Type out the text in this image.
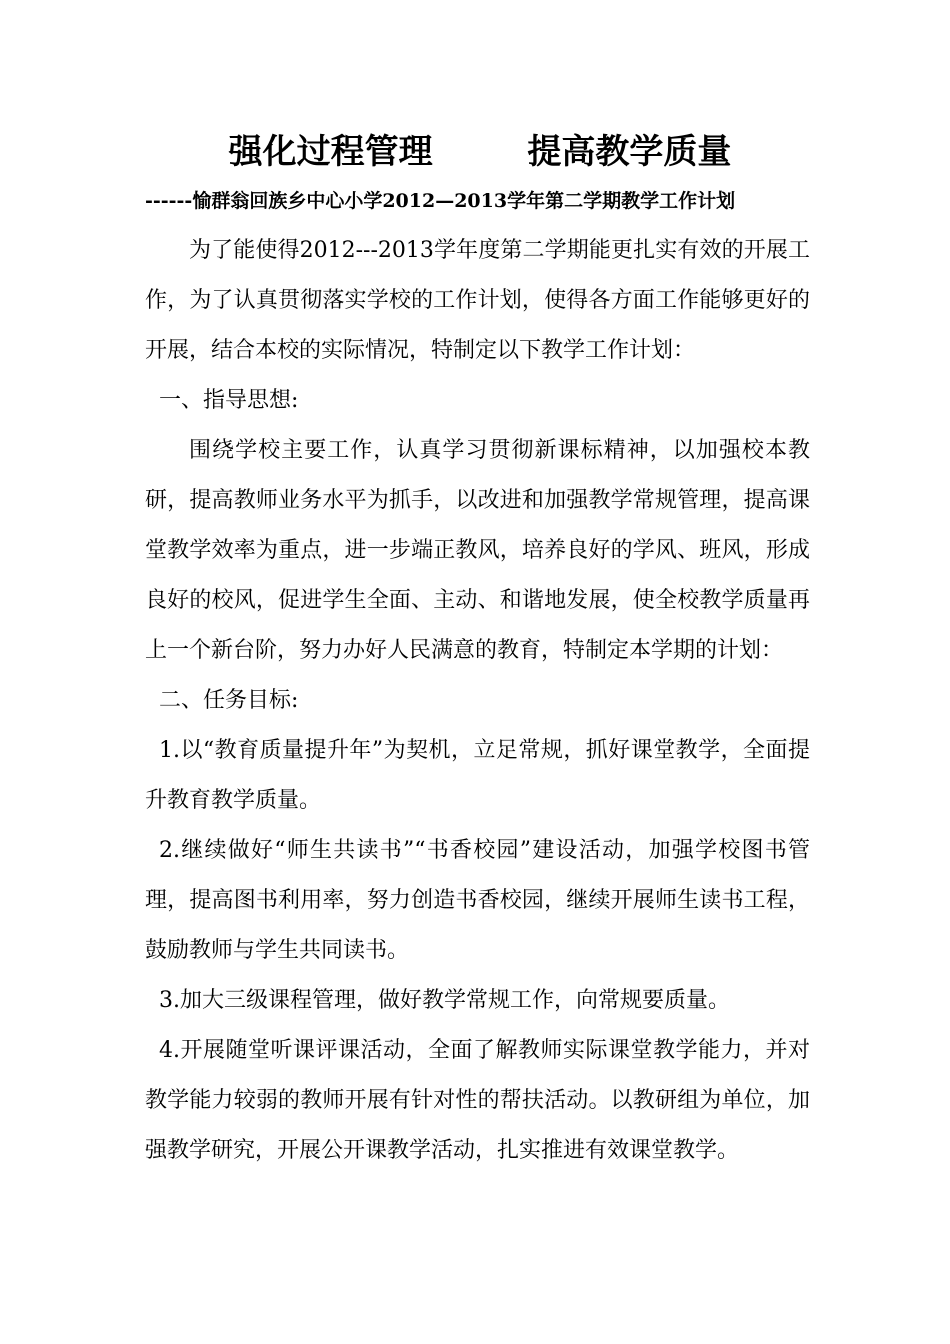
强化过程管理        提高教学质量
------愉群翁回族乡中心小学2012—2013学年第二学期教学工作计划

为了能使得2012---2013学年度第二学期能更扎实有效的开展工作，为了认真贯彻落实学校的工作计划，使得各方面工作能够更好的开展，结合本校的实际情况，特制定以下教学工作计划：

一、指导思想:

围绕学校主要工作，认真学习贯彻新课标精神，以加强校本教研，提高教师业务水平为抓手，以改进和加强教学常规管理，提高课堂教学效率为重点，进一步端正教风，培养良好的学风、班风，形成良好的校风，促进学生全面、主动、和谐地发展，使全校教学质量再上一个新台阶，努力办好人民满意的教育，特制定本学期的计划：

二、任务目标:

1.以“教育质量提升年”为契机，立足常规，抓好课堂教学，全面提升教育教学质量。

2.继续做好“师生共读书”“书香校园”建设活动，加强学校图书管理，提高图书利用率，努力创造书香校园，继续开展师生读书工程，鼓励教师与学生共同读书。

3.加大三级课程管理，做好教学常规工作，向常规要质量。

4.开展随堂听课评课活动，全面了解教师实际课堂教学能力，并对教学能力较弱的教师开展有针对性的帮扶活动。以教研组为单位，加强教学研究，开展公开课教学活动，扎实推进有效课堂教学。
